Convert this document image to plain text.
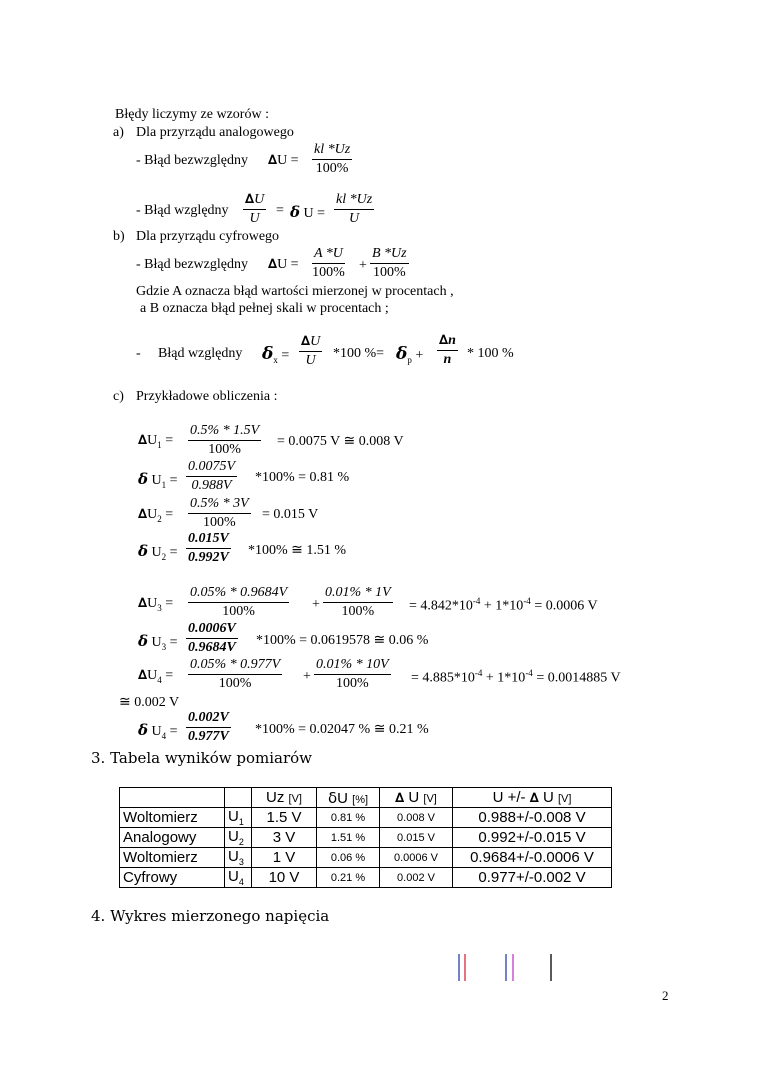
Błędy liczymy ze wzorów :
a) Dla przyrządu analogowego
- Błąd bezwzględny $\Delta U = \frac{kl *Uz}{100\%}$
- Błąd względny $\frac{\Delta U}{U} = \delta$ $U = \frac{kl *Uz}{U}$
b) Dla przyrządu cyfrowego
- Błąd bezwzględny $\Delta U = \frac{A *U}{100\%} + \frac{B *Uz}{100\%}$
Gdzie A oznacza błąd wartości mierzonej w procentach ,
a B oznacza błąd pełnej skali w procentach ;
- Błąd względny $\delta_x = \frac{\Delta U}{U} *100$ %= $\delta_p + \frac{\Delta n}{n} * 100$ %
c) Przykładowe obliczenia :
$\Delta U_1 = \frac{0.5\% * 1.5V}{100\%} = 0.0075$ V ≅ 0.008 V
δ $U_1 = \frac{0.0075V}{0.988V} *100\% = 0.81$ %
$\Delta U_2 = \frac{0.5\% * 3V}{100\%} = 0.015$ V
δ $U_2 = \frac{0.015V}{0.992V} *100\%$ ≅ 1.51 %
$\Delta U_3 = \frac{0.05\% * 0.9684V}{100\%} + \frac{0.01\% * 1V}{100\%} = 4.842*10^{-4} + 1*10^{-4} = 0.0006$ V
δ $U_3 = \frac{0.0006V}{0.9684V} *100\% = 0.0619578$ ≅ 0.06 %
$\Delta U_4 = \frac{0.05\% * 0.977V}{100\%} + \frac{0.01\% * 10V}{100\%} = 4.885*10^{-4} + 1*10^{-4} = 0.0014885$ V
≅ 0.002 V
δ $U_4 = \frac{0.002V}{0.977V} *100\% = 0.02047$ % ≅ 0.21 %
3. Tabela wyników pomiarów
		Uz [V]	δU [%]	∆ U [V]	U +/- ∆ U [V]
Woltomierz	$U_1$	1.5 V	0.81 %	0.008 V	0.988+/-0.008 V
Analogowy	$U_2$	3 V	1.51 %	0.015 V	0.992+/-0.015 V
Woltomierz	$U_3$	1 V	0.06 %	0.0006 V	0.9684+/-0.0006 V
Cyfrowy	$U_4$	10 V	0.21 %	0.002 V	0.977+/-0.002 V
4. Wykres mierzonego napięcia
2
